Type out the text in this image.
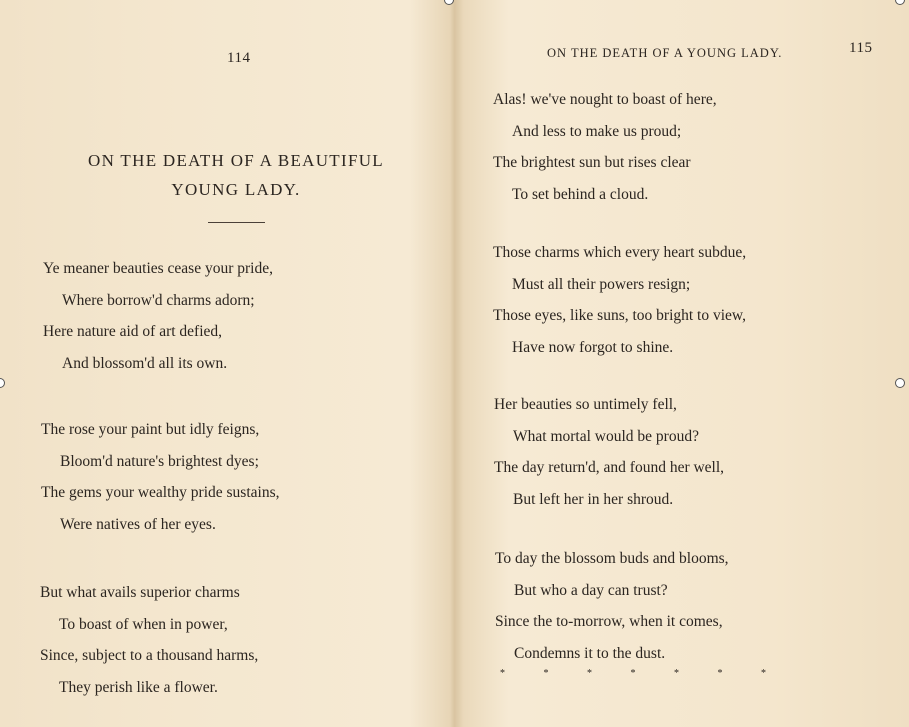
114
ON THE DEATH OF A BEAUTIFUL
YOUNG LADY.
Ye meaner beauties cease your pride,
Where borrow'd charms adorn;
Here nature aid of art defied,
And blossom'd all its own.
The rose your paint but idly feigns,
Bloom'd nature's brightest dyes;
The gems your wealthy pride sustains,
Were natives of her eyes.
But what avails superior charms
To boast of when in power,
Since, subject to a thousand harms,
They perish like a flower.
ON THE DEATH OF A YOUNG LADY.	115
Alas! we've nought to boast of here,
And less to make us proud;
The brightest sun but rises clear
To set behind a cloud.
Those charms which every heart subdue,
Must all their powers resign;
Those eyes, like suns, too bright to view,
Have now forgot to shine.
Her beauties so untimely fell,
What mortal would be proud?
The day return'd, and found her well,
But left her in her shroud.
To day the blossom buds and blooms,
But who a day can trust?
Since the to-morrow, when it comes,
Condemns it to the dust.
*	*	*	*	*	*	*
